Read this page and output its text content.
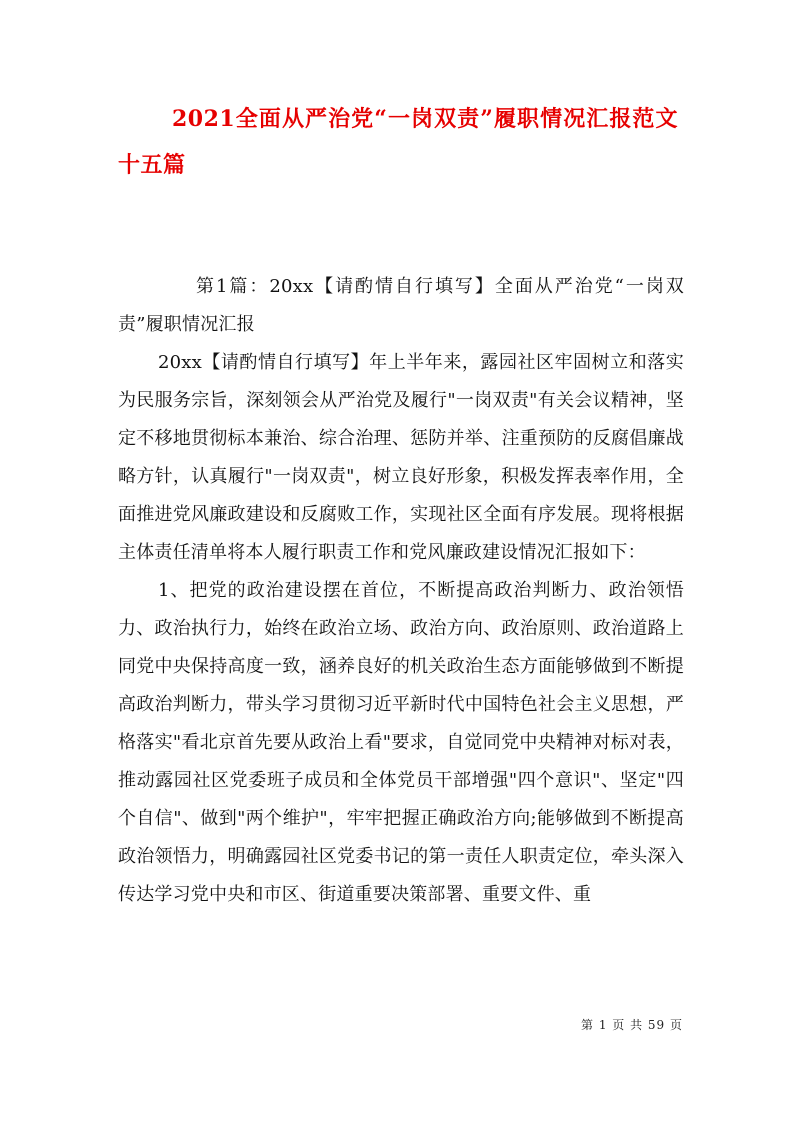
2021全面从严治党“一岗双责”履职情况汇报范文十五篇

第1篇：20xx【请酌情自行填写】全面从严治党“一岗双责”履职情况汇报

20xx【请酌情自行填写】年上半年来，露园社区牢固树立和落实为民服务宗旨，深刻领会从严治党及履行"一岗双责"有关会议精神，坚定不移地贯彻标本兼治、综合治理、惩防并举、注重预防的反腐倡廉战略方针，认真履行"一岗双责"，树立良好形象，积极发挥表率作用，全面推进党风廉政建设和反腐败工作，实现社区全面有序发展。现将根据主体责任清单将本人履行职责工作和党风廉政建设情况汇报如下：

1、把党的政治建设摆在首位，不断提高政治判断力、政治领悟力、政治执行力，始终在政治立场、政治方向、政治原则、政治道路上同党中央保持高度一致，涵养良好的机关政治生态方面能够做到不断提高政治判断力，带头学习贯彻习近平新时代中国特色社会主义思想，严格落实"看北京首先要从政治上看"要求，自觉同党中央精神对标对表，推动露园社区党委班子成员和全体党员干部增强"四个意识"、坚定"四个自信"、做到"两个维护"，牢牢把握正确政治方向;能够做到不断提高政治领悟力，明确露园社区党委书记的第一责任人职责定位，牵头深入传达学习党中央和市区、街道重要决策部署、重要文件、重

第 1 页 共 59 页
